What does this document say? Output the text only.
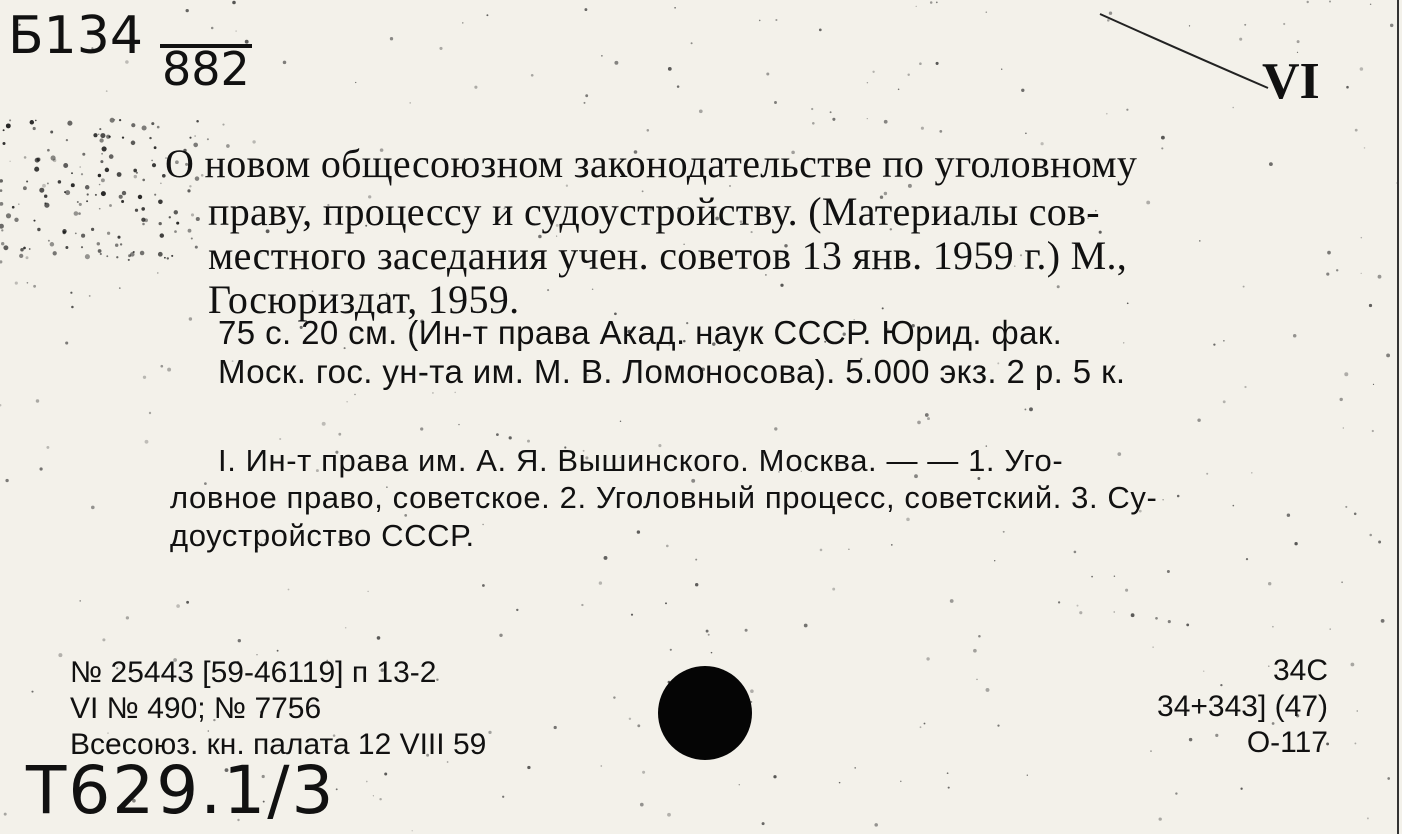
Б134
882	VI
О новом общесоюзном законодательстве по уголовному
праву, процессу и судоустройству. (Материалы сов-
местного заседания учен. советов 13 янв. 1959 г.) М.,
Госюриздат, 1959.
75 с. 20 см. (Ин-т права Акад. наук СССР. Юрид. фак.
Моск. гос. ун-та им. М. В. Ломоносова). 5.000 экз. 2 р. 5 к.
I. Ин-т права им. А. Я. Вышинского. Москва. — — 1. Уго-
ловное право, советское. 2. Уголовный процесс, советский. 3. Су-
доустройство СССР.
№ 25443 [59-46119] п 13-2
VI № 490; № 7756
Всесоюз. кн. палата 12 VIII 59
34С
34+343] (47)
О-117
T629.1/3
